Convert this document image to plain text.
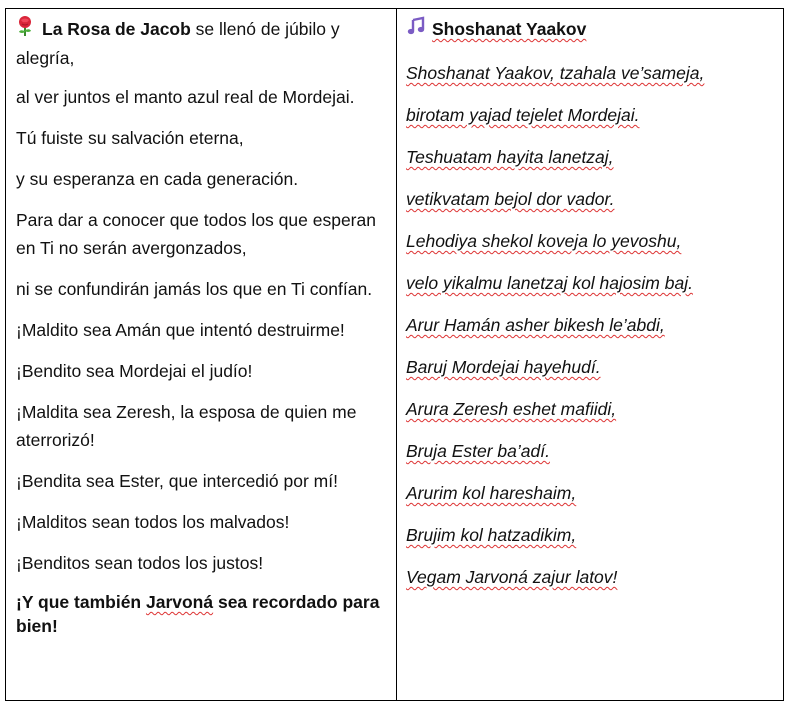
La Rosa de Jacob se llenó de júbilo y alegría,

al ver juntos el manto azul real de Mordejai.

Tú fuiste su salvación eterna,

y su esperanza en cada generación.

Para dar a conocer que todos los que esperan en Ti no serán avergonzados,

ni se confundirán jamás los que en Ti confían.

¡Maldito sea Amán que intentó destruirme!

¡Bendito sea Mordejai el judío!

¡Maldita sea Zeresh, la esposa de quien me aterrorizó!

¡Bendita sea Ester, que intercedió por mí!

¡Malditos sean todos los malvados!

¡Benditos sean todos los justos!

¡Y que también Jarvoná sea recordado para bien!

Shoshanat Yaakov

Shoshanat Yaakov, tzahala ve’sameja,

birotam yajad tejelet Mordejai.

Teshuatam hayita lanetzaj,

vetikvatam bejol dor vador.

Lehodiya shekol koveja lo yevoshu,

velo yikalmu lanetzaj kol hajosim baj.

Arur Hamán asher bikesh le’abdi,

Baruj Mordejai hayehudí.

Arura Zeresh eshet mafiidi,

Bruja Ester ba’adí.

Arurim kol hareshaim,

Brujim kol hatzadikim,

Vegam Jarvoná zajur latov!
